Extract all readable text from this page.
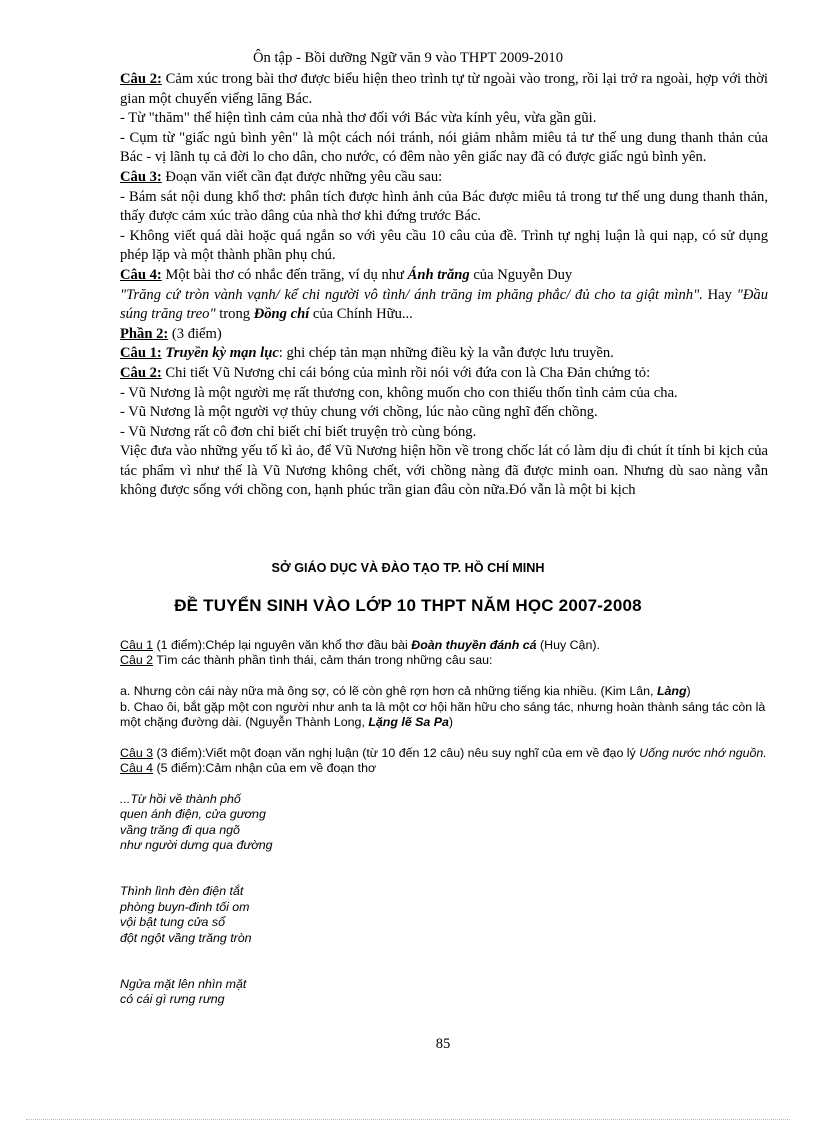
Ôn tập - Bồi dưỡng Ngữ văn 9 vào THPT 2009-2010

Câu 2: Cảm xúc trong bài thơ được biểu hiện theo trình tự từ ngoài vào trong, rồi lại trở ra ngoài, hợp với thời gian một chuyến viếng lăng Bác.

- Từ "thăm" thể hiện tình cảm của nhà thơ đối với Bác vừa kính yêu, vừa gần gũi.

- Cụm từ "giấc ngủ bình yên" là một cách nói tránh, nói giảm nhằm miêu tả tư thế ung dung thanh thản của Bác - vị lãnh tụ cả đời lo cho dân, cho nước, có đêm nào yên giấc nay đã có được giấc ngủ bình yên.

Câu 3: Đoạn văn viết cần đạt được những yêu cầu sau:

- Bám sát nội dung khổ thơ: phân tích được hình ảnh của Bác được miêu tả trong tư thế ung dung thanh thản, thấy được cảm xúc trào dâng của nhà thơ khi đứng trước Bác.

- Không viết quá dài hoặc quá ngắn so với yêu cầu 10 câu của đề. Trình tự nghị luận là qui nạp, có sử dụng phép lặp và một thành phần phụ chú.

Câu 4: Một bài thơ có nhắc đến trăng, ví dụ như Ánh trăng của Nguyễn Duy

"Trăng cứ tròn vành vạnh/ kể chi người vô tình/ ánh trăng im phăng phắc/ đủ cho ta giật mình". Hay "Đầu súng trăng treo" trong Đồng chí của Chính Hữu...

Phần 2: (3 điểm)

Câu 1: Truyền kỳ mạn lục: ghi chép tản mạn những điều kỳ la vẫn được lưu truyền.

Câu 2: Chi tiết Vũ Nương chỉ cái bóng của mình rồi nói với đứa con là Cha Đản chứng tỏ:

- Vũ Nương là một người mẹ rất thương con, không muốn cho con thiếu thốn tình cảm của cha.

- Vũ Nương là một người vợ thủy chung với chồng, lúc nào cũng nghĩ đến chồng.

- Vũ Nương rất cô đơn chỉ biết chỉ biết truyện trò cùng bóng.

Việc đưa vào những yếu tố kì ảo, để Vũ Nương hiện hồn về trong chốc lát có làm dịu đi chút ít tính bi kịch của tác phẩm vì như thế là Vũ Nương không chết, với chồng nàng đã được minh oan. Nhưng dù sao nàng vẫn không được sống với chồng con, hạnh phúc trần gian đâu còn nữa.Đó vẫn là một bi kịch

SỞ GIÁO DỤC VÀ ĐÀO TẠO TP. HỒ CHÍ MINH
ĐỀ TUYỂN SINH VÀO LỚP 10 THPT NĂM HỌC 2007-2008

Câu 1 (1 điểm):Chép lại nguyên văn khổ thơ đầu bài Đoàn thuyền đánh cá (Huy Cận).

Câu 2 Tìm các thành phần tình thái, cảm thán trong những câu sau:

a. Nhưng còn cái này nữa mà ông sợ, có lẽ còn ghê rợn hơn cả những tiếng kia nhiều. (Kim Lân, Làng)

b. Chao ôi, bắt gặp một con người như anh ta là một cơ hội hãn hữu cho sáng tác, nhưng hoàn thành sáng tác còn là một chặng đường dài. (Nguyễn Thành Long, Lặng lẽ Sa Pa)

Câu 3 (3 điểm):Viết một đoạn văn nghị luận (từ 10 đến 12 câu) nêu suy nghĩ của em về đạo lý Uống nước nhớ nguồn.

Câu 4 (5 điểm):Cảm nhận của em về đoạn thơ

...Từ hồi về thành phố

quen ánh điện, cửa gương

vầng trăng đi qua ngõ

như người dưng qua đường

Thình lình đèn điện tắt

phòng buyn-đinh tối om

vội bật tung cửa sổ

đột ngột vầng trăng tròn

Ngửa mặt lên nhìn mặt

có cái gì rưng rưng

85
